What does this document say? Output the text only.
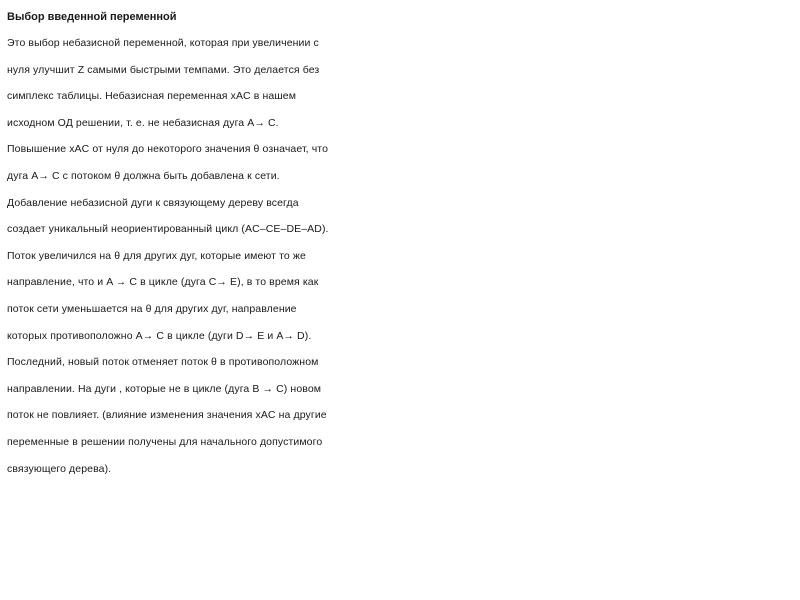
Выбор введенной переменной
Это выбор небазисной переменной, которая при увеличении с
нуля улучшит Z самыми быстрыми темпами. Это делается без
симплекс таблицы. Небазисная переменная xAC в нашем
исходном ОД решении, т. е. не небазисная дуга A→ C.
Повышение xAC от нуля до некоторого значения θ означает, что
дуга A→ C с потоком θ должна быть добавлена к сети.
Добавление небазисной дуги к связующему дереву всегда
создает уникальный неориентированный цикл (AC–CE–DE–AD).
Поток увеличился на θ для других дуг, которые имеют то же
направление, что и A → C в цикле (дуга C→ E), в то время как
поток сети уменьшается на θ для других дуг, направление
которых противоположно A→ C в цикле (дуги D→ E и A→ D).
Последний, новый поток отменяет поток θ в противоположном
направлении. На дуги , которые не в цикле (дуга B → C) новом
поток не повлияет. (влияние изменения значения xAC на другие
переменные в решении получены для начального допустимого
связующего дерева).
